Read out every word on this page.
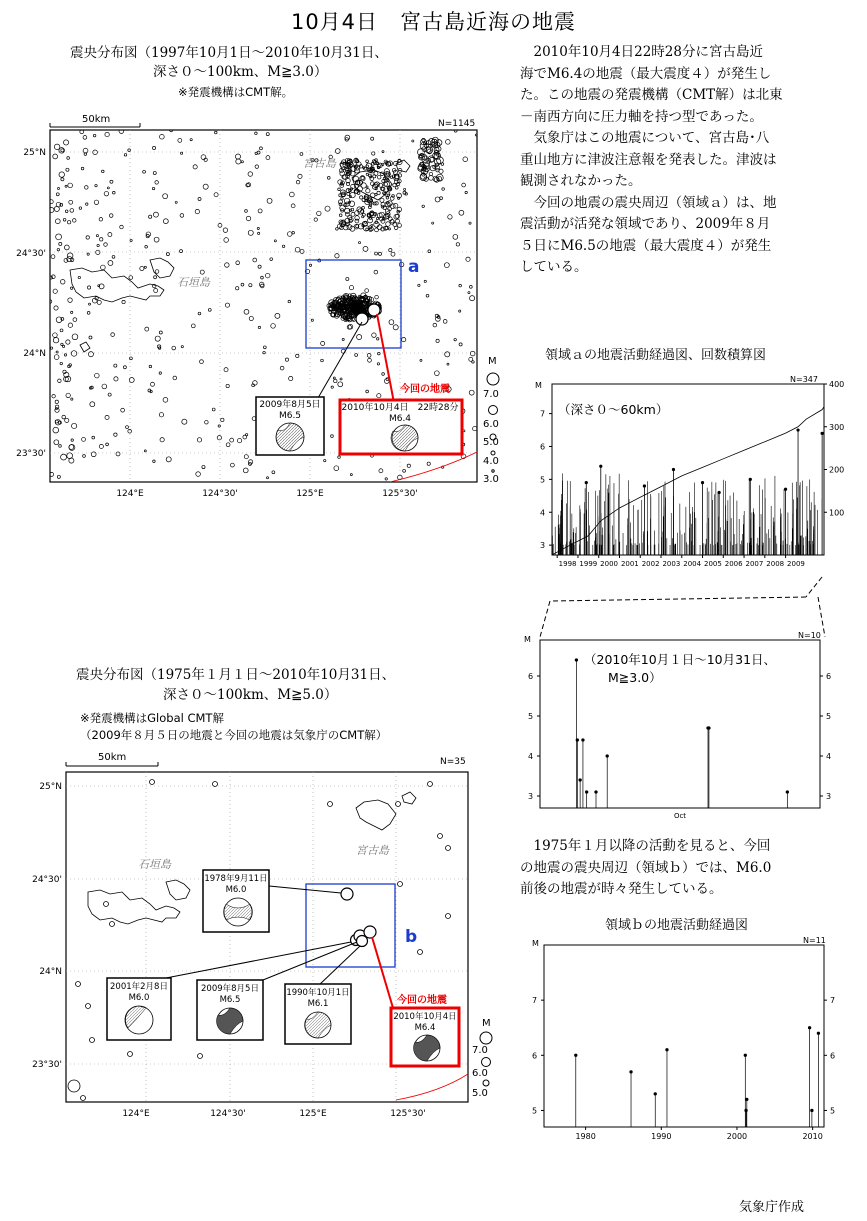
10月4日　宮古島近海の地震
震央分布図（1997年10月1日～2010年10月31日、
深さ０～100km、M≧3.0）
※発震機構はCMT解。
50km	N=1145
宮古島
石垣島
a
25°N
24°30'
24°N
23°30'
124°E	124°30'	125°E	125°30'
2009年8月5日
M6.5
2010年10月4日　22時28分
M6.4
今回の地震
M
7.0
6.0
5.0
4.0
3.0
　2010年10月4日22時28分に宮古島近
海でM6.4の地震（最大震度４）が発生し
た。この地震の発震機構（CMT解）は北東
－南西方向に圧力軸を持つ型であった。
　気象庁はこの地震について、宮古島･八
重山地方に津波注意報を発表した。津波は
観測されなかった。
　今回の地震の震央周辺（領域ａ）は、地
震活動が活発な領域であり、2009年８月
５日にM6.5の地震（最大震度４）が発生
している。
領域ａの地震活動経過図、回数積算図
M
N=347
（深さ０～60km）
3
4
5
6
7
100
200
300
400
1998 1999 2000 2001 2002 2003 2004 2005 2006 2007 2008 2009
M	N=10
（2010年10月１日～10月31日、
M≧3.0）
3	3
4	4
5	5
6	6
Oct
　1975年１月以降の活動を見ると、今回
の地震の震央周辺（領域ｂ）では、M6.0
前後の地震が時々発生している。
領域ｂの地震活動経過図
M	N=11
5	5
6	6
7	7
1980	1990	2000	2010
震央分布図（1975年１月１日～2010年10月31日、
深さ０～100km、M≧5.0）
※発震機構はGlobal CMT解
（2009年８月５日の地震と今回の地震は気象庁のCMT解）
50km	N=35
宮古島
石垣島
b
25°N
24°30'
24°N
23°30'
124°E	124°30'	125°E	125°30'
1978年9月11日
M6.0
2001年2月8日
M6.0
2009年8月5日
M6.5
1990年10月1日
M6.1
2010年10月4日
M6.4
今回の地震
M
7.0
6.0
5.0
気象庁作成
